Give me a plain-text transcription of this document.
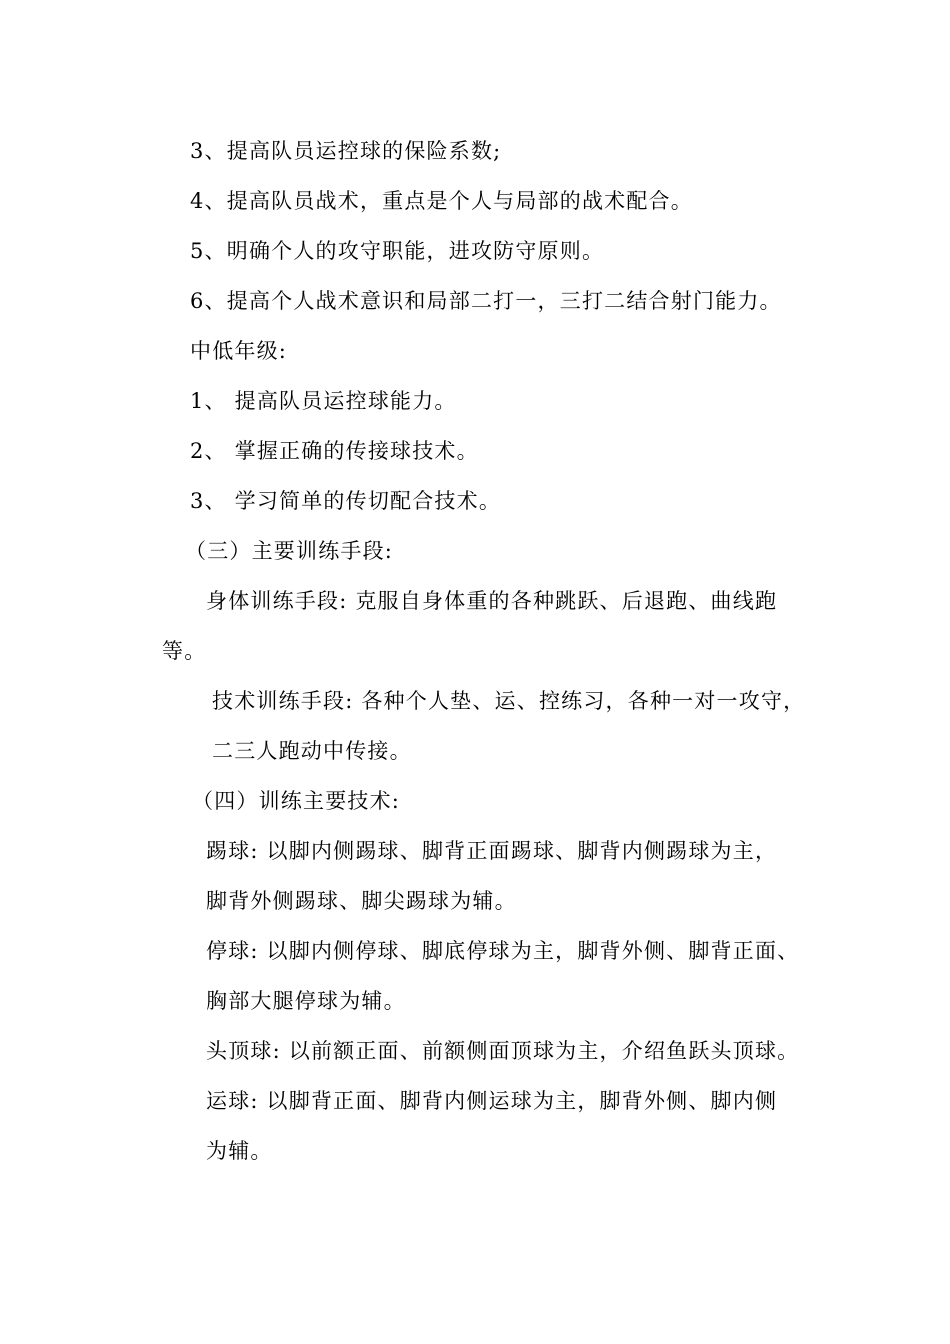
3、提高队员运控球的保险系数;
4、提高队员战术，重点是个人与局部的战术配合。
5、明确个人的攻守职能，进攻防守原则。
6、提高个人战术意识和局部二打一，三打二结合射门能力。
中低年级:
1、 提高队员运控球能力。
2、 掌握正确的传接球技术。
3、 学习简单的传切配合技术。
（三）主要训练手段:
身体训练手段: 克服自身体重的各种跳跃、后退跑、曲线跑
等。
技术训练手段: 各种个人垫、运、控练习，各种一对一攻守，
二三人跑动中传接。
（四）训练主要技术:
踢球: 以脚内侧踢球、脚背正面踢球、脚背内侧踢球为主，
脚背外侧踢球、脚尖踢球为辅。
停球: 以脚内侧停球、脚底停球为主，脚背外侧、脚背正面、
胸部大腿停球为辅。
头顶球: 以前额正面、前额侧面顶球为主，介绍鱼跃头顶球。
运球: 以脚背正面、脚背内侧运球为主，脚背外侧、脚内侧
为辅。
